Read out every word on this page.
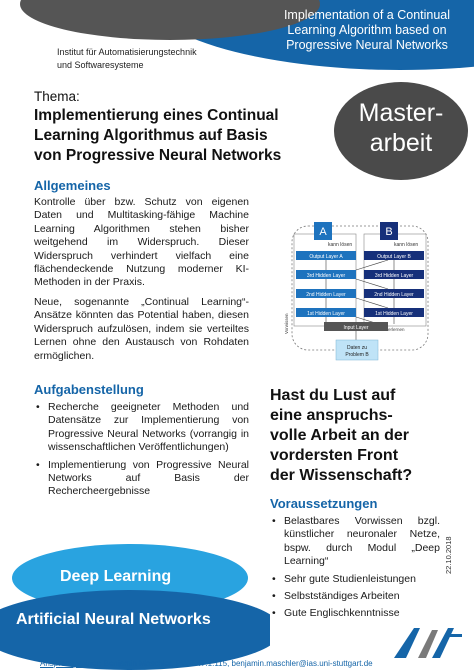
Implementation of a Continual
Learning Algorithm based on
Progressive Neural Networks
Institut für Automatisierungstechnik
und Softwaresysteme
Thema:
Implementierung eines Continual
Learning Algorithmus auf Basis
von Progressive Neural Networks
Master-
arbeit
Allgemeines
Kontrolle über bzw. Schutz von eigenen Daten und Multitasking-fähige Machine Learning Algorithmen stehen bisher weitgehend im Widerspruch. Dieser Widerspruch verhindert vielfach eine flächendeckende Nutzung moderner KI-Methoden in der Praxis.
Neue, sogenannte „Continual Learning“-Ansätze könnten das Potential haben, diesen Widerspruch aufzulösen, indem sie verteiltes Lernen ohne den Austausch von Rohdaten ermöglichen.
A	B
kann lösen	kann lösen
Output Layer A
3rd Hidden Layer
2nd Hidden Layer
1st Hidden Layer
Output Layer B
3rd Hidden Layer
2nd Hidden Layer
1st Hidden Layer
Vorwissen	erlernen
Input Layer
Daten zu
Problem B
Aufgabenstellung
• Recherche geeigneter Methoden und Datensätze zur Implementierung von Progressive Neural Networks (vorrangig in wissenschaftlichen Veröffentlichungen)
• Implementierung von Progressive Neural Networks auf Basis der Rechercheergebnisse
Hast du Lust auf
eine anspruchs-
volle Arbeit an der
vordersten Front
der Wissenschaft?
Voraussetzungen
• Belastbares Vorwissen bzgl. künstlicher neuronaler Netze, bspw. durch Modul „Deep Learning“
• Sehr gute Studienleistungen
• Selbstständiges Arbeiten
• Gute Englischkenntnisse
22.10.2018
Deep Learning
Artificial Neural Networks
Ansprechpartner: Benjamin Maschler, PWR 47.1.115, benjamin.maschler@ias.uni-stuttgart.de
